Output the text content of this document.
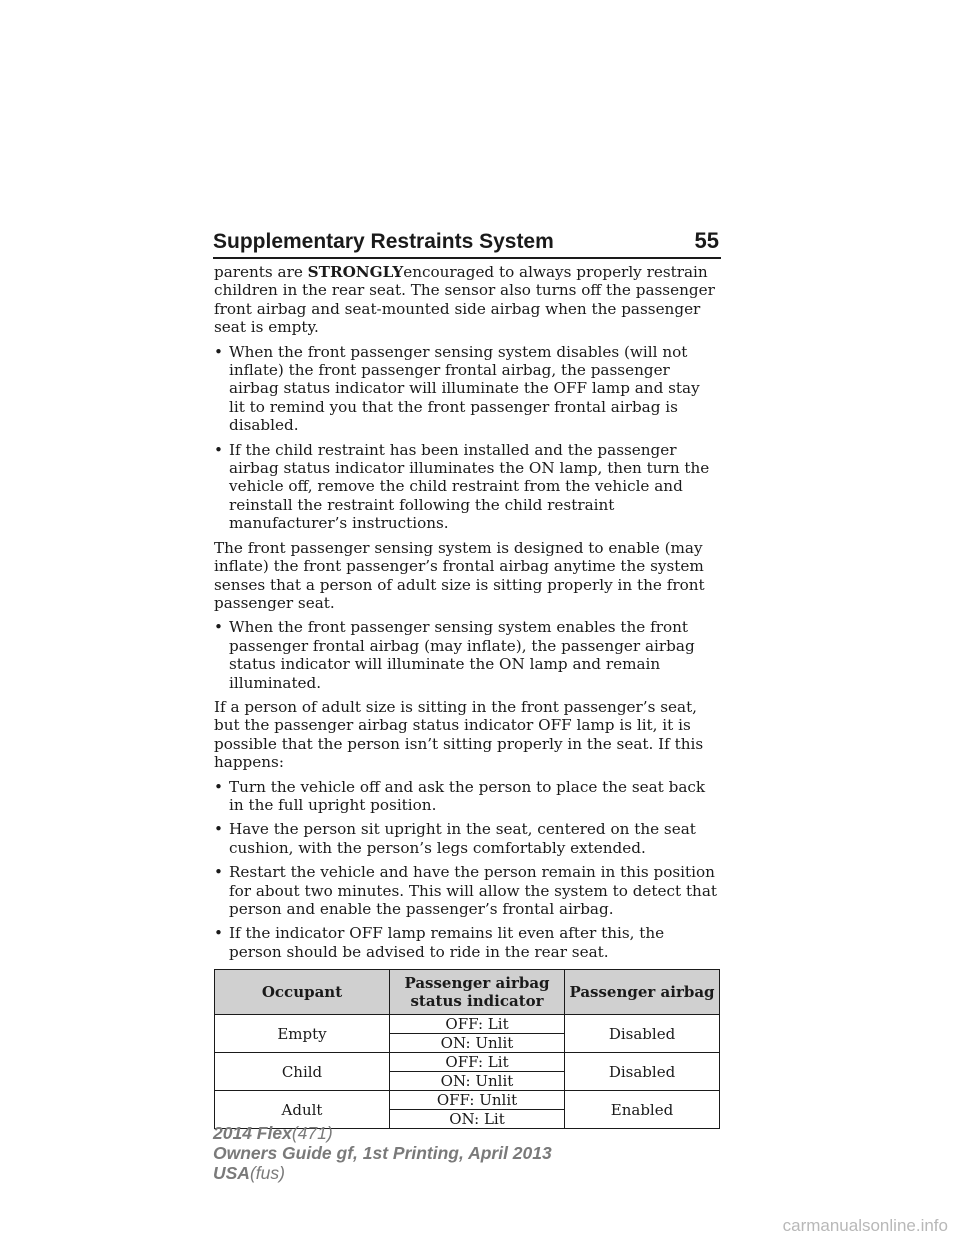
Supplementary Restraints System	55

parents are STRONGLYencouraged to always properly restrain children in the rear seat. The sensor also turns off the passenger front airbag and seat-mounted side airbag when the passenger seat is empty.

• When the front passenger sensing system disables (will not inflate) the front passenger frontal airbag, the passenger airbag status indicator will illuminate the OFF lamp and stay lit to remind you that the front passenger frontal airbag is disabled.
• If the child restraint has been installed and the passenger airbag status indicator illuminates the ON lamp, then turn the vehicle off, remove the child restraint from the vehicle and reinstall the restraint following the child restraint manufacturer’s instructions.

The front passenger sensing system is designed to enable (may inflate) the front passenger’s frontal airbag anytime the system senses that a person of adult size is sitting properly in the front passenger seat.

• When the front passenger sensing system enables the front passenger frontal airbag (may inflate), the passenger airbag status indicator will illuminate the ON lamp and remain illuminated.

If a person of adult size is sitting in the front passenger’s seat, but the passenger airbag status indicator OFF lamp is lit, it is possible that the person isn’t sitting properly in the seat. If this happens:

• Turn the vehicle off and ask the person to place the seat back in the full upright position.
• Have the person sit upright in the seat, centered on the seat cushion, with the person’s legs comfortably extended.
• Restart the vehicle and have the person remain in this position for about two minutes. This will allow the system to detect that person and enable the passenger’s frontal airbag.
• If the indicator OFF lamp remains lit even after this, the person should be advised to ride in the rear seat.
Occupant	Passenger airbag status indicator	Passenger airbag
Empty	OFF: Lit	Disabled
	ON: Unlit	
Child	OFF: Lit	Disabled
	ON: Unlit	
Adult	OFF: Unlit	Enabled
	ON: Lit	
2014 Flex(471)
Owners Guide gf, 1st Printing, April 2013
USA(fus)
carmanualsonline.info
